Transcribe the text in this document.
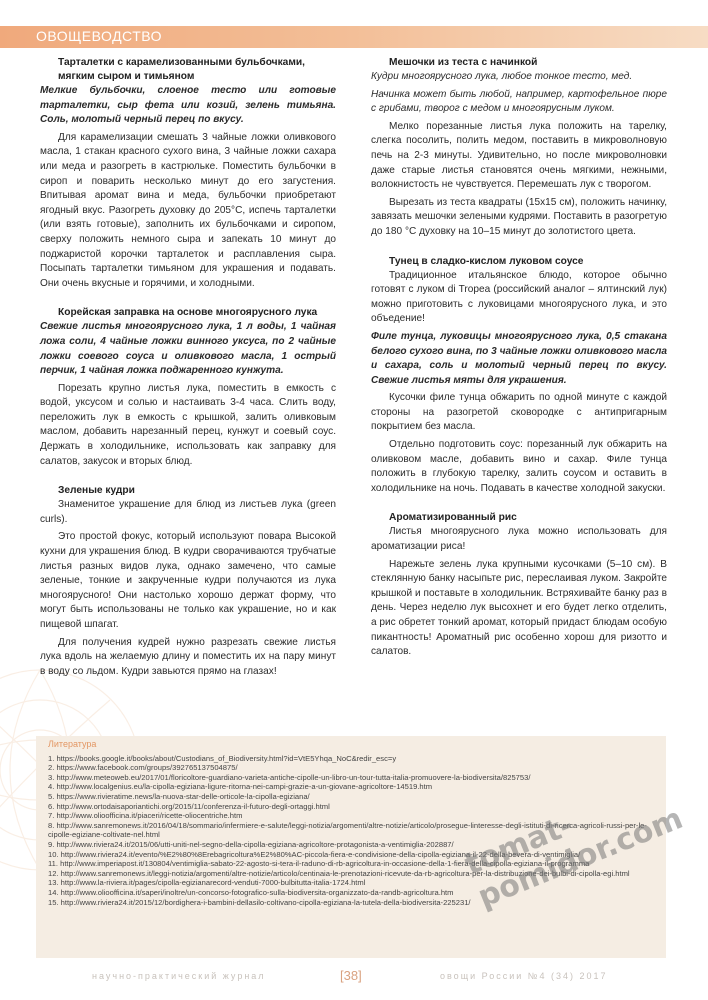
ОВОЩЕВОДСТВО
Тарталетки с карамелизованными бульбочками, мягким сыром и тимьяном

Мелкие бульбочки, слоеное тесто или готовые тарталетки, сыр фета или козий, зелень тимьяна. Соль, молотый черный перец по вкусу.

Для карамелизации смешать 3 чайные ложки оливкового масла, 1 стакан красного сухого вина, 3 чайные ложки сахара или меда и разогреть в кастрюльке. Поместить бульбочки в сироп и поварить несколько минут до его загустения. Впитывая аромат вина и меда, бульбочки приобретают ягодный вкус. Разогреть духовку до 205°С, испечь тарталетки (или взять готовые), заполнить их бульбочками и сиропом, сверху положить немного сыра и запекать 10 минут до поджаристой корочки тарталеток и расплавления сыра. Посыпать тарталетки тимьяном для украшения и подавать. Они очень вкусные и горячими, и холодными.

Корейская заправка на основе многоярусного лука

Свежие листья многоярусного лука, 1 л воды, 1 чайная ложа соли, 4 чайные ложки винного уксуса, по 2 чайные ложки соевого соуса и оливкового масла, 1 острый перчик, 1 чайная ложка поджаренного кунжута.

Порезать крупно листья лука, поместить в емкость с водой, уксусом и солью и настаивать 3-4 часа. Слить воду, переложить лук в емкость с крышкой, залить оливковым маслом, добавить нарезанный перец, кунжут и соевый соус. Держать в холодильнике, использовать как заправку для салатов, закусок и вторых блюд.

Зеленые кудри

Знаменитое украшение для блюд из листьев лука (green curls).

Это простой фокус, который используют повара Высокой кухни для украшения блюд. В кудри сворачиваются трубчатые листья разных видов лука, однако замечено, что самые зеленые, тонкие и закрученные кудри получаются из лука многоярусного! Они настолько хорошо держат форму, что могут быть использованы не только как украшение, но и как пищевой шпагат.

Для получения кудрей нужно разрезать свежие листья лука вдоль на желаемую длину и поместить их на пару минут в воду со льдом. Кудри завьются прямо на глазах!

Мешочки из теста с начинкой

Кудри многоярусного лука, любое тонкое тесто, мед.

Начинка может быть любой, например, картофельное пюре с грибами, творог с медом и многоярусным луком.

Мелко порезанные листья лука положить на тарелку, слегка посолить, полить медом, поставить в микроволновую печь на 2-3 минуты. Удивительно, но после микроволновки даже старые листья становятся очень мягкими, нежными, волокнистость не чувствуется. Перемешать лук с творогом.

Вырезать из теста квадраты (15х15 см), положить начинку, завязать мешочки зелеными кудрями. Поставить в разогретую до 180 °С духовку на 10–15 минут до золотистого цвета.

Тунец в сладко-кислом луковом соусе

Традиционное итальянское блюдо, которое обычно готовят с луком di Tropea (российский аналог – ялтинский лук) можно приготовить с луковицами многоярусного лука, и это объедение!

Филе тунца, луковицы многоярусного лука, 0,5 стакана белого сухого вина, по 3 чайные ложки оливкового масла и сахара, соль и молотый черный перец по вкусу. Свежие листья мяты для украшения.

Кусочки филе тунца обжарить по одной минуте с каждой стороны на разогретой сковородке с антипригарным покрытием без масла.

Отдельно подготовить соус: порезанный лук обжарить на оливковом масле, добавить вино и сахар. Филе тунца положить в глубокую тарелку, залить соусом и оставить в холодильнике на ночь. Подавать в качестве холодной закуски.

Ароматизированный рис

Листья многоярусного лука можно использовать для ароматизации риса!

Нарежьте зелень лука крупными кусочками (5–10 см). В стеклянную банку насыпьте рис, переслаивая луком. Закройте крышкой и поставьте в холодильник. Встряхивайте банку раз в день. Через неделю лук высохнет и его будет легко отделить, а рис обретет тонкий аромат, который придаст блюдам особую пикантность! Ароматный рис особенно хорош для ризотто и салатов.

Литература
1. https://books.google.it/books/about/Custodians_of_Biodiversity.html?id=VtE5Yhqa_NoC&redir_esc=y
2. https://www.facebook.com/groups/392765137504875/
3. http://www.meteoweb.eu/2017/01/floricoltore-guardiano-varieta-antiche-cipolle-un-libro-un-tour-tutta-italia-promuovere-la-biodiversita/825753/
4. http://www.localgenius.eu/la-cipolla-egiziana-ligure-ritorna-nei-campi-grazie-a-un-giovane-agricoltore-14519.htm
5. https://www.rivieratime.news/la-nuova-star-delle-orticole-la-cipolla-egiziana/
6. http://www.ortodaisaporiantichi.org/2015/11/conferenza-il-futuro-degli-ortaggi.html
7. http://www.olioofficina.it/piaceri/ricette-oliocentriche.htm
8. http://www.sanremonews.it/2016/04/18/sommario/infermiere-e-salute/leggi-notizia/argomenti/altre-notizie/articolo/prosegue-linteresse-degli-istituti-di-ricerca-agricoli-russi-per-le-cipolle-egiziane-coltivate-nel.html
9. http://www.riviera24.it/2015/06/utti-uniti-nel-segno-della-cipolla-egiziana-agricoltore-protagonista-a-ventimiglia-202887/
10. http://www.riviera24.it/evento/%E2%80%8Erebagricoltura%E2%80%AC-piccola-fiera-e-condivisione-della-cipolla-egiziana-il-22-della-bevera-di-ventimiglia/
11. http://www.imperiapost.it/130804/ventimiglia-sabato-22-agosto-si-tera-il-raduno-di-rb-agricoltura-in-occasione-della-1-fiera-della-cipolla-egiziana-il-programma
12. http://www.sanremonews.it/leggi-notizia/argomenti/altre-notizie/articolo/centinaia-le-prenotazioni-ricevute-da-rb-agricoltura-per-la-distribuzione-dei-bulbi-di-cipolla-egi.html
13. http://www.la-riviera.it/pages/cipolla-egizianarecord-venduti-7000-bulbitutta-italia-1724.html
14. http://www.olioofficina.it/saperi/inoltre/un-concorso-fotografico-sulla-biodiversita-organizzato-da-randb-agricoltura.htm
15. http://www.riviera24.it/2015/12/bordighera-i-bambini-dellasilo-coltivano-cipolla-egiziana-la-tutela-della-biodiversita-225231/
tomat-pomidor.com
научно-практический журнал	[38]	овощи России №4 (34) 2017
